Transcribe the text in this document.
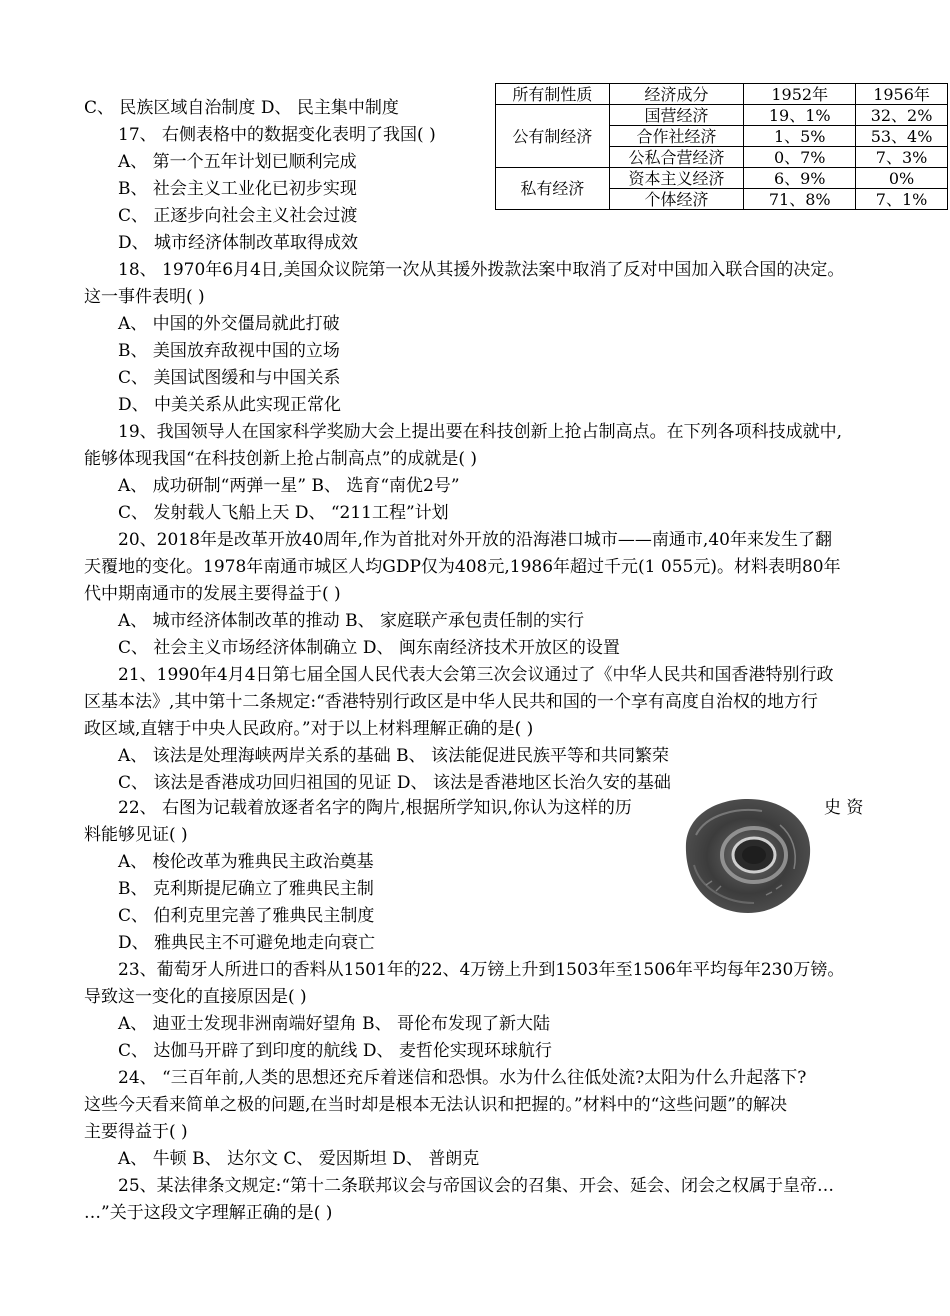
所有制性质	经济成分	1952年	1956年
公有制经济	国营经济	19、1%	32、2%
	合作社经济	1、5%	53、4%
	公私合营经济	0、7%	7、3%
私有经济	资本主义经济	6、9%	0%
	个体经济	71、8%	7、1%
C、 民族区域自治制度 D、 民主集中制度
17、 右侧表格中的数据变化表明了我国( )
A、 第一个五年计划已顺利完成
B、 社会主义工业化已初步实现
C、 正逐步向社会主义社会过渡
D、 城市经济体制改革取得成效
18、 1970年6月4日,美国众议院第一次从其援外拨款法案中取消了反对中国加入联合国的决定。
这一事件表明( )
A、 中国的外交僵局就此打破
B、 美国放弃敌视中国的立场
C、 美国试图缓和与中国关系
D、 中美关系从此实现正常化
19、我国领导人在国家科学奖励大会上提出要在科技创新上抢占制高点。在下列各项科技成就中,
能够体现我国“在科技创新上抢占制高点”的成就是( )
A、 成功研制“两弹一星” B、 选育“南优2号”
C、 发射载人飞船上天 D、 “211工程”计划
20、2018年是改革开放40周年,作为首批对外开放的沿海港口城市——南通市,40年来发生了翻
天覆地的变化。1978年南通市城区人均GDP仅为408元,1986年超过千元(1 055元)。材料表明80年
代中期南通市的发展主要得益于( )
A、 城市经济体制改革的推动 B、 家庭联产承包责任制的实行
C、 社会主义市场经济体制确立 D、 闽东南经济技术开放区的设置
21、1990年4月4日第七届全国人民代表大会第三次会议通过了《中华人民共和国香港特别行政
区基本法》,其中第十二条规定:“香港特别行政区是中华人民共和国的一个享有高度自治权的地方行
政区域,直辖于中央人民政府。”对于以上材料理解正确的是( )
A、 该法是处理海峡两岸关系的基础 B、 该法能促进民族平等和共同繁荣
C、 该法是香港成功回归祖国的见证 D、 该法是香港地区长治久安的基础
22、 右图为记载着放逐者名字的陶片,根据所学知识,你认为这样的历	史 资
料能够见证( )
A、 梭伦改革为雅典民主政治奠基
B、 克利斯提尼确立了雅典民主制
C、 伯利克里完善了雅典民主制度
D、 雅典民主不可避免地走向衰亡
23、葡萄牙人所进口的香料从1501年的22、4万镑上升到1503年至1506年平均每年230万镑。
导致这一变化的直接原因是( )
A、 迪亚士发现非洲南端好望角 B、 哥伦布发现了新大陆
C、 达伽马开辟了到印度的航线 D、 麦哲伦实现环球航行
24、 “三百年前,人类的思想还充斥着迷信和恐惧。水为什么往低处流?太阳为什么升起落下?
这些今天看来简单之极的问题,在当时却是根本无法认识和把握的。”材料中的“这些问题”的解决
主要得益于( )
A、 牛顿 B、 达尔文 C、 爱因斯坦 D、 普朗克
25、某法律条文规定:“第十二条联邦议会与帝国议会的召集、开会、延会、闭会之权属于皇帝…
…”关于这段文字理解正确的是( )
